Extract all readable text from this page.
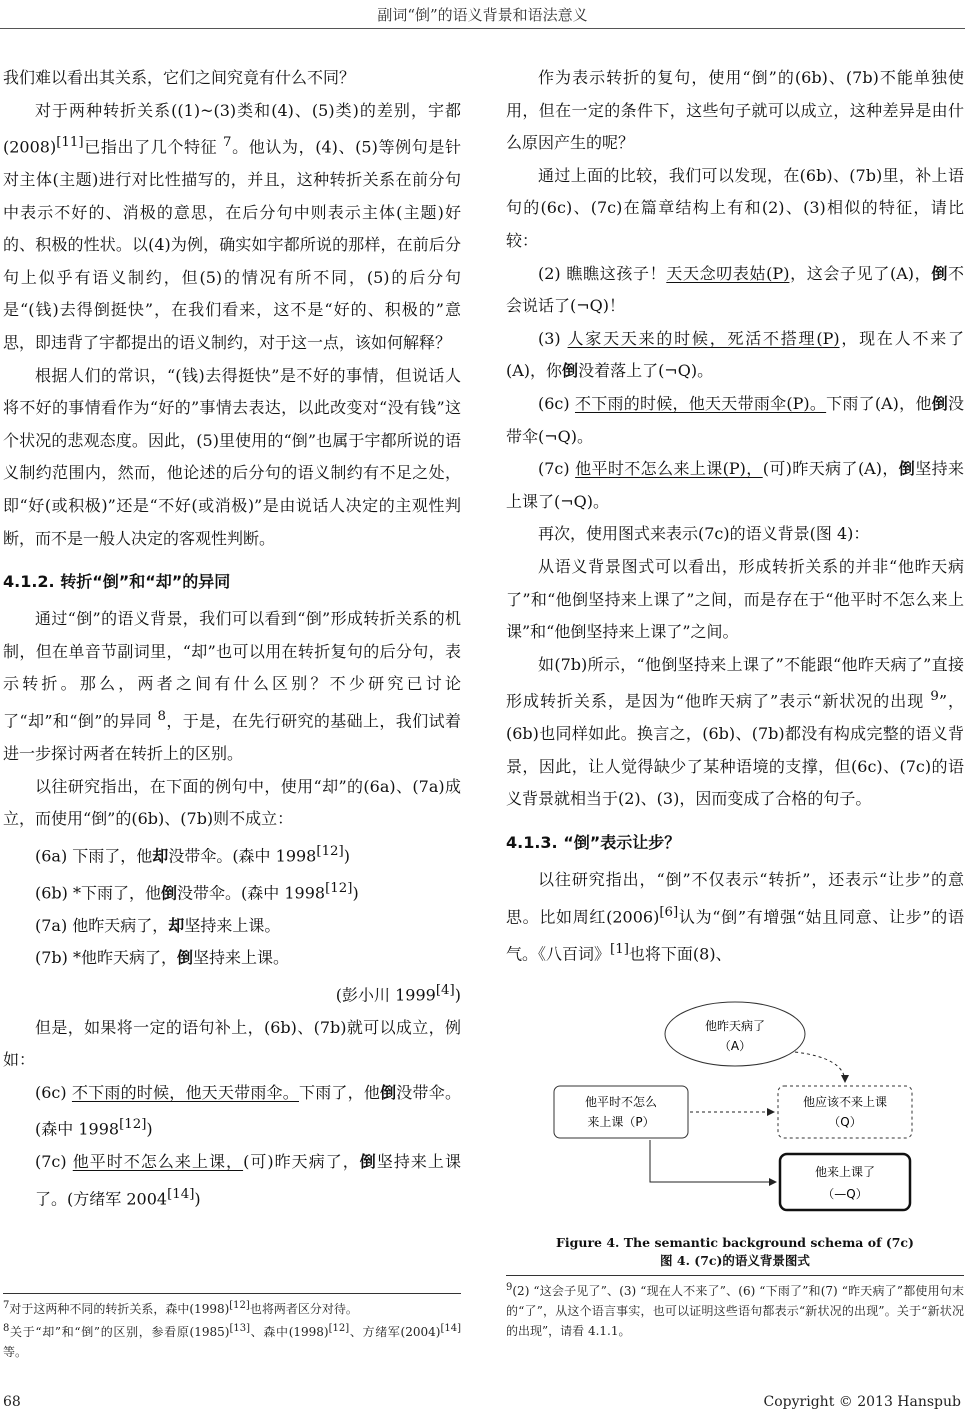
副词“倒”的语义背景和语法意义

我们难以看出其关系，它们之间究竟有什么不同？

对于两种转折关系((1)~(3)类和(4)、(5)类)的差别，宇都(2008)[11]已指出了几个特征 $^7$。他认为，(4)、(5)等例句是针对主体(主题)进行对比性描写的，并且，这种转折关系在前分句中表示不好的、消极的意思，在后分句中则表示主体(主题)好的、积极的性状。以(4)为例，确实如宇都所说的那样，在前后分句上似乎有语义制约，但(5)的情况有所不同，(5)的后分句是“(钱)去得倒挺快”，在我们看来，这不是“好的、积极的”意思，即违背了宇都提出的语义制约，对于这一点，该如何解释？

根据人们的常识，“(钱)去得挺快”是不好的事情，但说话人将不好的事情看作为“好的”事情去表达，以此改变对“没有钱”这个状况的悲观态度。因此，(5)里使用的“倒”也属于宇都所说的语义制约范围内，然而，他论述的后分句的语义制约有不足之处，即“好(或积极)”还是“不好(或消极)”是由说话人决定的主观性判断，而不是一般人决定的客观性判断。

4.1.2. 转折“倒”和“却”的异同

通过“倒”的语义背景，我们可以看到“倒”形成转折关系的机制，但在单音节副词里，“却”也可以用在转折复句的后分句，表示转折。那么，两者之间有什么区别？不少研究已讨论了“却”和“倒”的异同 $^8$，于是，在先行研究的基础上，我们试着进一步探讨两者在转折上的区别。

以往研究指出，在下面的例句中，使用“却”的(6a)、(7a)成立，而使用“倒”的(6b)、(7b)则不成立：

(6a) 下雨了，他却没带伞。(森中 1998[12])

(6b) *下雨了，他倒没带伞。(森中 1998[12])

(7a) 他昨天病了，却坚持来上课。

(7b) *他昨天病了，倒坚持来上课。

(彭小川 1999[4])

但是，如果将一定的语句补上，(6b)、(7b)就可以成立，例如：

(6c) 不下雨的时候，他天天带雨伞。下雨了，他倒没带伞。(森中 1998[12])

(7c) 他平时不怎么来上课，(可)昨天病了，倒坚持来上课了。(方绪军 2004[14])

$^7$对于这两种不同的转折关系，森中(1998)[12]也将两者区分对待。

$^8$关于“却”和“倒”的区别，参看原(1985)[13]、森中(1998)[12]、方绪军(2004)[14]等。

作为表示转折的复句，使用“倒”的(6b)、(7b)不能单独使用，但在一定的条件下，这些句子就可以成立，这种差异是由什么原因产生的呢？

通过上面的比较，我们可以发现，在(6b)、(7b)里，补上语句的(6c)、(7c)在篇章结构上有和(2)、(3)相似的特征，请比较：

(2) 瞧瞧这孩子！天天念叨表姑(P)，这会子见了(A)，倒不会说话了(¬Q)！

(3) 人家天天来的时候，死活不搭理(P)，现在人不来了(A)，你倒没着落上了(¬Q)。

(6c) 不下雨的时候，他天天带雨伞(P)。下雨了(A)，他倒没带伞(¬Q)。

(7c) 他平时不怎么来上课(P)，(可)昨天病了(A)，倒坚持来上课了(¬Q)。

再次，使用图式来表示(7c)的语义背景(图 4)：

从语义背景图式可以看出，形成转折关系的并非“他昨天病了”和“他倒坚持来上课了”之间，而是存在于“他平时不怎么来上课”和“他倒坚持来上课了”之间。

如(7b)所示，“他倒坚持来上课了”不能跟“他昨天病了”直接形成转折关系，是因为“他昨天病了”表示“新状况的出现 $^9$”，(6b)也同样如此。换言之，(6b)、(7b)都没有构成完整的语义背景，因此，让人觉得缺少了某种语境的支撑，但(6c)、(7c)的语义背景就相当于(2)、(3)，因而变成了合格的句子。

4.1.3. “倒”表示让步？

以往研究指出，“倒”不仅表示“转折”，还表示“让步”的意思。比如周红(2006)[6]认为“倒”有增强“姑且同意、让步”的语气。《八百词》[1]也将下面(8)、

他昨天病了
（A）
他平时不怎么
来上课（P）
他应该不来上课
（Q）
他来上课了
（—Q）
Figure 4. The semantic background schema of (7c)
图 4. (7c)的语义背景图式

$^9$(2) “这会子见了”、(3) “现在人不来了”、(6) “下雨了”和(7) “昨天病了”都使用句末的“了”，从这个语言事实，也可以证明这些语句都表示“新状况的出现”。关于“新状况的出现”，请看 4.1.1。

68	Copyright © 2013 Hanspub
